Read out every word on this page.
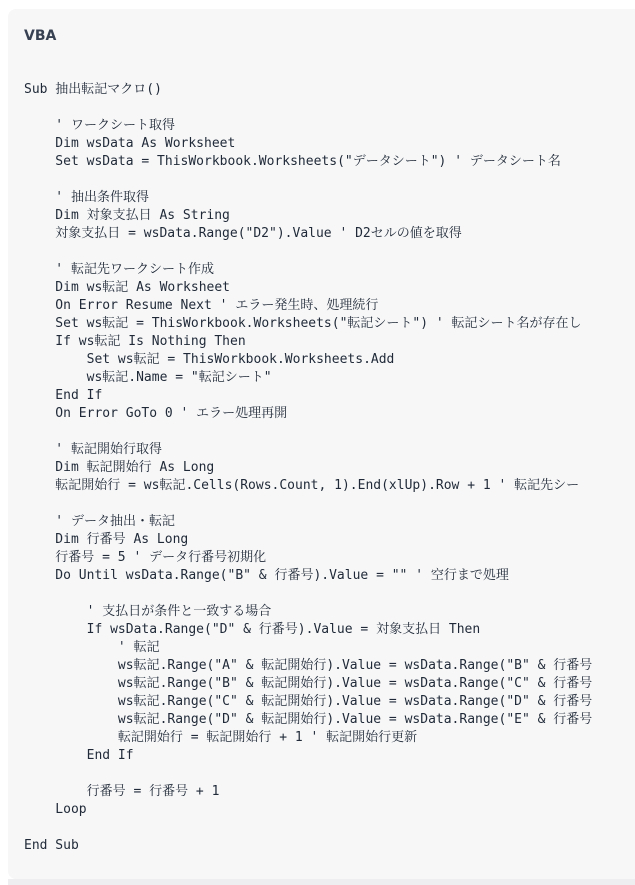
VBA
Sub 抽出転記マクロ()
' ワークシート取得
Dim wsData As Worksheet
Set wsData = ThisWorkbook.Worksheets("データシート") ' データシート名
' 抽出条件取得
Dim 対象支払日 As String
対象支払日 = wsData.Range("D2").Value ' D2セルの値を取得
' 転記先ワークシート作成
Dim ws転記 As Worksheet
On Error Resume Next ' エラー発生時、処理続行
Set ws転記 = ThisWorkbook.Worksheets("転記シート") ' 転記シート名が存在し
If ws転記 Is Nothing Then
Set ws転記 = ThisWorkbook.Worksheets.Add
ws転記.Name = "転記シート"
End If
On Error GoTo 0 ' エラー処理再開
' 転記開始行取得
Dim 転記開始行 As Long
転記開始行 = ws転記.Cells(Rows.Count, 1).End(xlUp).Row + 1 ' 転記先シー
' データ抽出・転記
Dim 行番号 As Long
行番号 = 5 ' データ行番号初期化
Do Until wsData.Range("B" & 行番号).Value = "" ' 空行まで処理
' 支払日が条件と一致する場合
If wsData.Range("D" & 行番号).Value = 対象支払日 Then
' 転記
ws転記.Range("A" & 転記開始行).Value = wsData.Range("B" & 行番号
ws転記.Range("B" & 転記開始行).Value = wsData.Range("C" & 行番号
ws転記.Range("C" & 転記開始行).Value = wsData.Range("D" & 行番号
ws転記.Range("D" & 転記開始行).Value = wsData.Range("E" & 行番号
転記開始行 = 転記開始行 + 1 ' 転記開始行更新
End If
行番号 = 行番号 + 1
Loop
End Sub
